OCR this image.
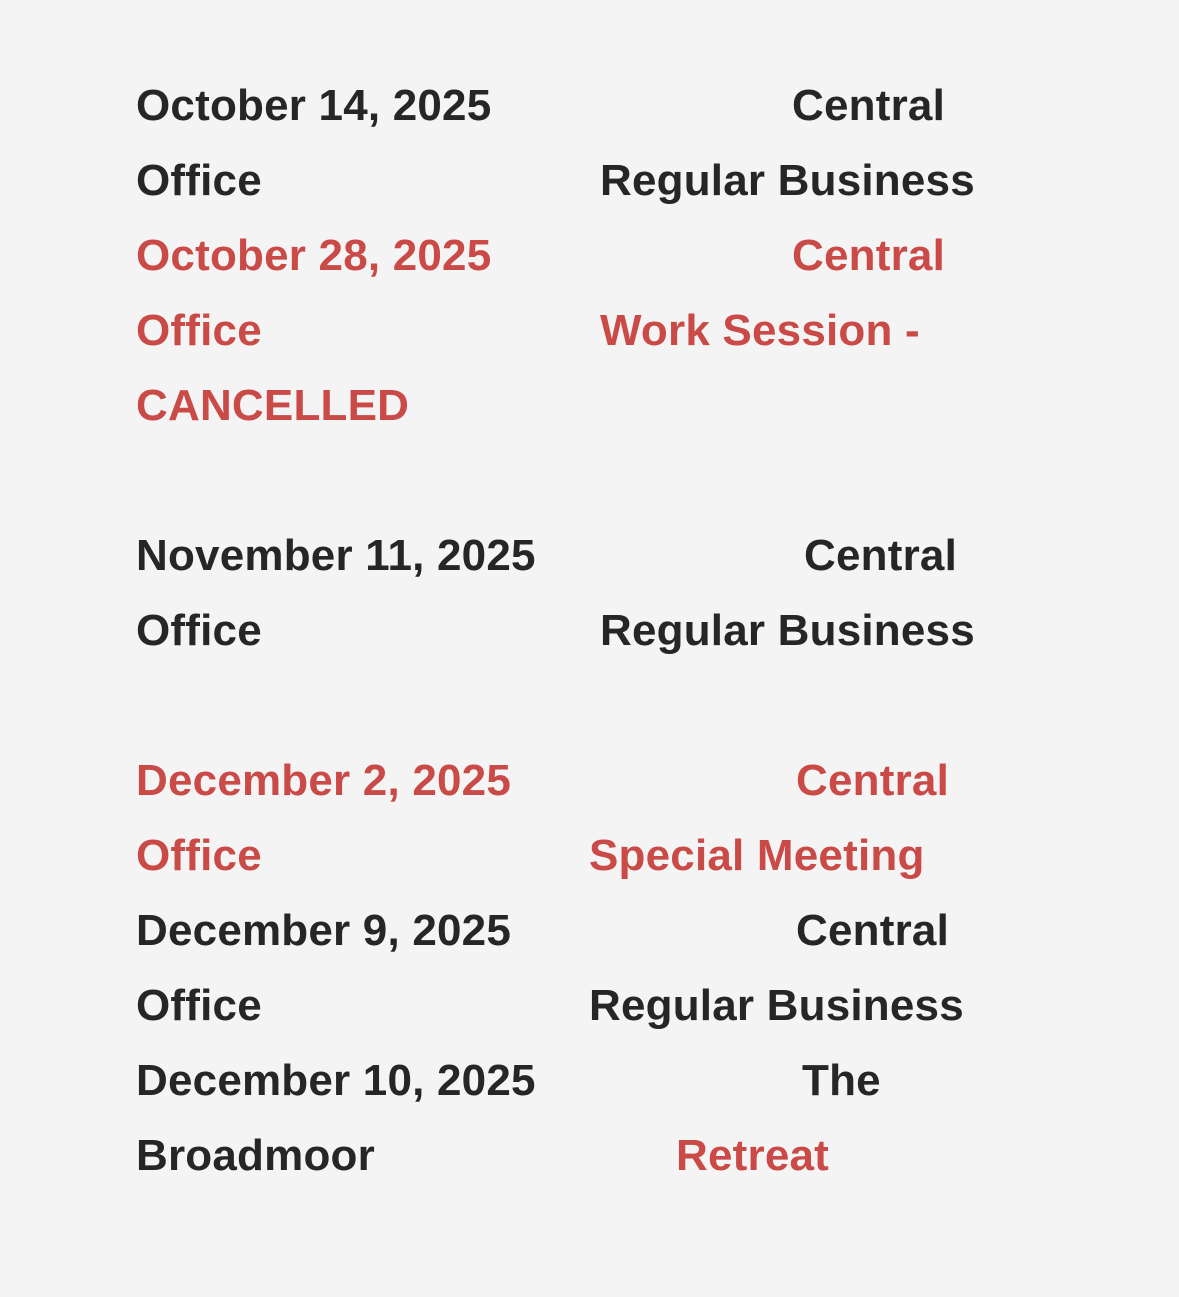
October 14, 2025	Central
Office	Regular Business
October 28, 2025	Central
Office	Work Session -
CANCELLED
November 11, 2025	Central
Office	Regular Business
December 2, 2025	Central
Office	Special Meeting
December 9, 2025	Central
Office	Regular Business
December 10, 2025	The
Broadmoor	Retreat
